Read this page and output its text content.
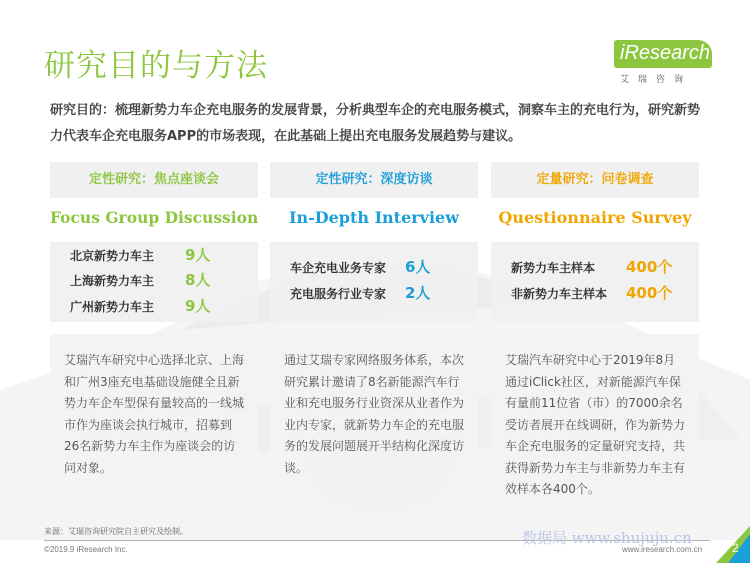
研究目的与方法	iResearch
艾瑞咨询
研究目的：梳理新势力车企充电服务的发展背景，分析典型车企的充电服务模式，洞察车主的充电行为，研究新势力代表车企充电服务APP的市场表现，在此基础上提出充电服务发展趋势与建议。
定性研究：焦点座谈会
Focus Group Discussion
北京新势力车主	9人
上海新势力车主	8人
广州新势力车主	9人
艾瑞汽车研究中心选择北京、上海和广州3座充电基础设施健全且新势力车企车型保有量较高的一线城市作为座谈会执行城市，招募到26名新势力车主作为座谈会的访问对象。
定性研究：深度访谈
In-Depth Interview
车企充电业务专家	6人
充电服务行业专家	2人
通过艾瑞专家网络服务体系，本次研究累计邀请了8名新能源汽车行业和充电服务行业资深从业者作为业内专家，就新势力车企的充电服务的发展问题展开半结构化深度访谈。
定量研究：问卷调查
Questionnaire Survey
新势力车主样本	400个
非新势力车主样本	400个
艾瑞汽车研究中心于2019年8月通过iClick社区，对新能源汽车保有量前11位省（市）的7000余名受访者展开在线调研，作为新势力车企充电服务的定量研究支持，共获得新势力车主与非新势力车主有效样本各400个。
来源：艾瑞咨询研究院自主研究及绘制。
©2019.9 iResearch Inc.
数据局 www.shujuju.cn
www.iresearch.com.cn 2
